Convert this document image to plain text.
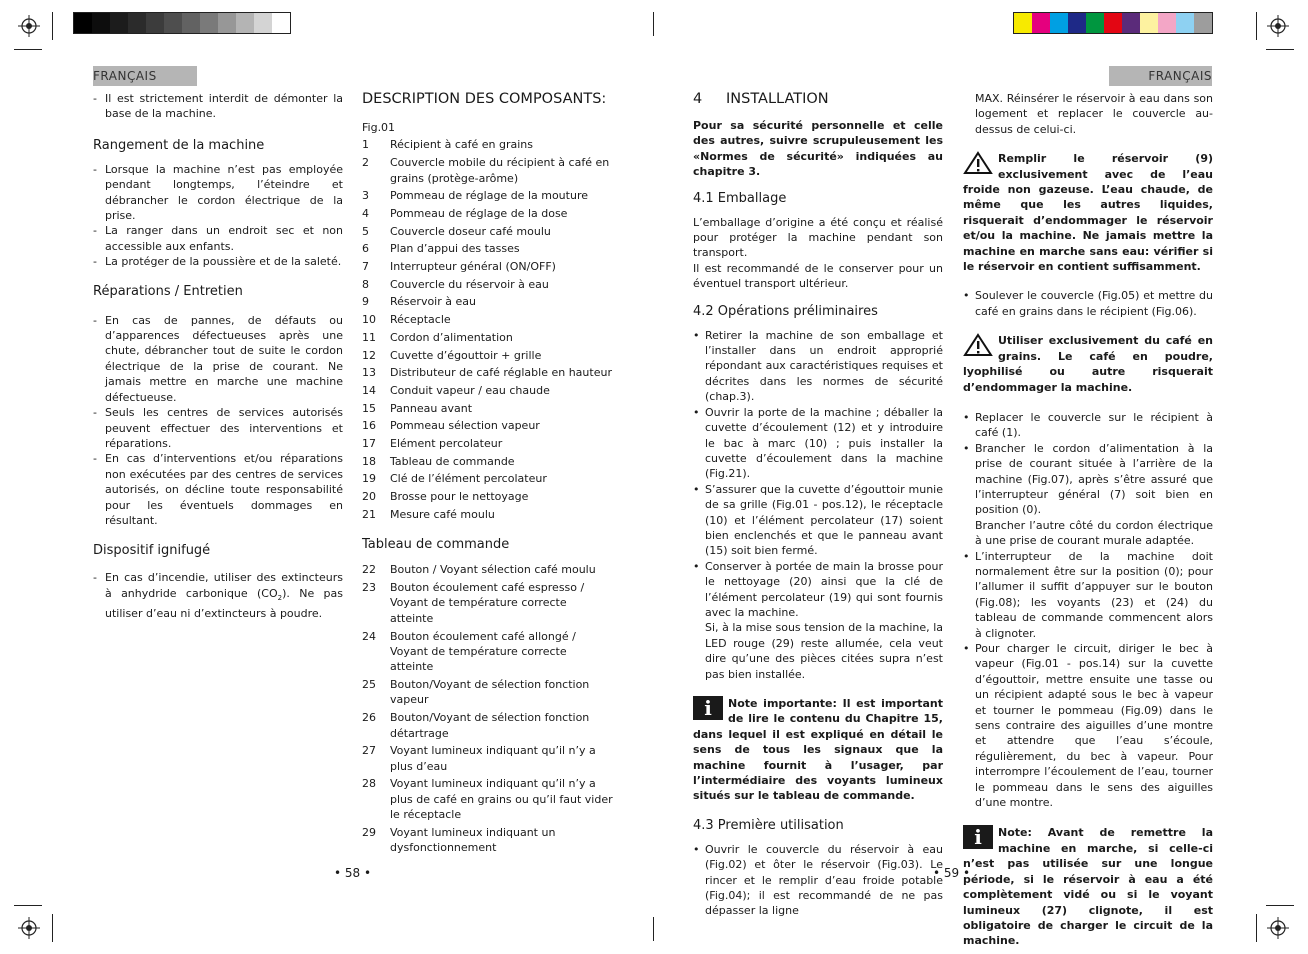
FRANÇAIS	FRANÇAIS
- Il est strictement interdit de démonter la base de la machine.
Rangement de la machine
- Lorsque la machine n’est pas employée pendant longtemps, l’éteindre et débrancher le cordon électrique de la prise.
- La ranger dans un endroit sec et non accessible aux enfants.
- La protéger de la poussière et de la saleté.
Réparations / Entretien
- En cas de pannes, de défauts ou d’apparences défectueuses après une chute, débrancher tout de suite le cordon électrique de la prise de courant. Ne jamais mettre en marche une machine défectueuse.
- Seuls les centres de services autorisés peuvent effectuer des interventions et réparations.
- En cas d’interventions et/ou réparations non exécutées par des centres de services autorisés, on décline toute responsabilité pour les éventuels dommages en résultant.
Dispositif ignifugé
- En cas d’incendie, utiliser des extincteurs à anhydride carbonique $(CO_2)$. Ne pas utiliser d’eau ni d’extincteurs à poudre.
DESCRIPTION DES COMPOSANTS:
Fig.01
1 Récipient à café en grains
2 Couvercle mobile du récipient à café en grains (protège-arôme)
3 Pommeau de réglage de la mouture
4 Pommeau de réglage de la dose
5 Couvercle doseur café moulu
6 Plan d’appui des tasses
7 Interrupteur général (ON/OFF)
8 Couvercle du réservoir à eau
9 Réservoir à eau
10 Réceptacle
11 Cordon d’alimentation
12 Cuvette d’égouttoir + grille
13 Distributeur de café réglable en hauteur
14 Conduit vapeur / eau chaude
15 Panneau avant
16 Pommeau sélection vapeur
17 Elément percolateur
18 Tableau de commande
19 Clé de l’élément percolateur
20 Brosse pour le nettoyage
21 Mesure café moulu
Tableau de commande
22 Bouton / Voyant sélection café moulu
23 Bouton écoulement café espresso / Voyant de température correcte atteinte
24 Bouton écoulement café allongé / Voyant de température correcte atteinte
25 Bouton/Voyant de sélection fonction vapeur
26 Bouton/Voyant de sélection fonction détartrage
27 Voyant lumineux indiquant qu’il n’y a plus d’eau
28 Voyant lumineux indiquant qu’il n’y a plus de café en grains ou qu’il faut vider le réceptacle
29 Voyant lumineux indiquant un dysfonctionnement
• 58 •
4 INSTALLATION

Pour sa sécurité personnelle et celle des autres, suivre scrupuleusement les «Normes de sécurité» indiquées au chapitre 3.

4.1 Emballage

L’emballage d’origine a été conçu et réalisé pour protéger la machine pendant son transport.

Il est recommandé de le conserver pour un éventuel transport ultérieur.

4.2 Opérations préliminaires
• Retirer la machine de son emballage et l’installer dans un endroit approprié répondant aux caractéristiques requises et décrites dans les normes de sécurité (chap.3).
• Ouvrir la porte de la machine ; déballer la cuvette d’écoulement (12) et y introduire le bac à marc (10) ; puis installer la cuvette d’écoulement dans la machine (Fig.21).
• S’assurer que la cuvette d’égouttoir munie de sa grille (Fig.01 - pos.12), le réceptacle (10) et l’élément percolateur (17) soient bien enclenchés et que le panneau avant (15) soit bien fermé.
• Conserver à portée de main la brosse pour le nettoyage (20) ainsi que la clé de l’élément percolateur (19) qui sont fournis avec la machine.

Si, à la mise sous tension de la machine, la LED rouge (29) reste allumée, cela veut dire qu’une des pièces citées supra n’est pas bien installée.

i	Note importante: Il est important de lire le contenu du Chapitre 15, dans lequel il est expliqué en détail le sens de tous les signaux que la machine fournit à l’usager, par l’intermédiaire des voyants lumineux situés sur le tableau de commande.
4.3 Première utilisation
• Ouvrir le couvercle du réservoir à eau (Fig.02) et ôter le réservoir (Fig.03). Le rincer et le remplir d’eau froide potable (Fig.04); il est recommandé de ne pas dépasser la ligne

MAX. Réinsérer le réservoir à eau dans son logement et replacer le couvercle au-dessus de celui-ci.

Remplir le réservoir (9) exclusivement avec de l’eau froide non gazeuse. L’eau chaude, de même que les autres liquides, risquerait d’endommager le réservoir et/ou la machine. Ne jamais mettre la machine en marche sans eau: vérifier si le réservoir en contient suffisamment.
• Soulever le couvercle (Fig.05) et mettre du café en grains dans le récipient (Fig.06).
Utiliser exclusivement du café en grains. Le café en poudre, lyophilisé ou autre risquerait d’endommager la machine.
• Replacer le couvercle sur le récipient à café (1).
• Brancher le cordon d’alimentation à la prise de courant située à l’arrière de la machine (Fig.07), après s’être assuré que l’interrupteur général (7) soit bien en position (0).

Brancher l’autre côté du cordon électrique à une prise de courant murale adaptée.

• L’interrupteur de la machine doit normalement être sur la position (0); pour l’allumer il suffit d’appuyer sur le bouton (Fig.08); les voyants (23) et (24) du tableau de commande commencent alors à clignoter.
• Pour charger le circuit, diriger le bec à vapeur (Fig.01 - pos.14) sur la cuvette d’égouttoir, mettre ensuite une tasse ou un récipient adapté sous le bec à vapeur et tourner le pommeau (Fig.09) dans le sens contraire des aiguilles d’une montre et attendre que l’eau s’écoule, régulièrement, du bec à vapeur. Pour interrompre l’écoulement de l’eau, tourner le pommeau dans le sens des aiguilles d’une montre.
i	Note: Avant de remettre la machine en marche, si celle-ci n’est pas utilisée sur une longue période, si le réservoir à eau a été complètement vidé ou si le voyant lumineux (27) clignote, il est obligatoire de charger le circuit de la machine.
• 59 •
